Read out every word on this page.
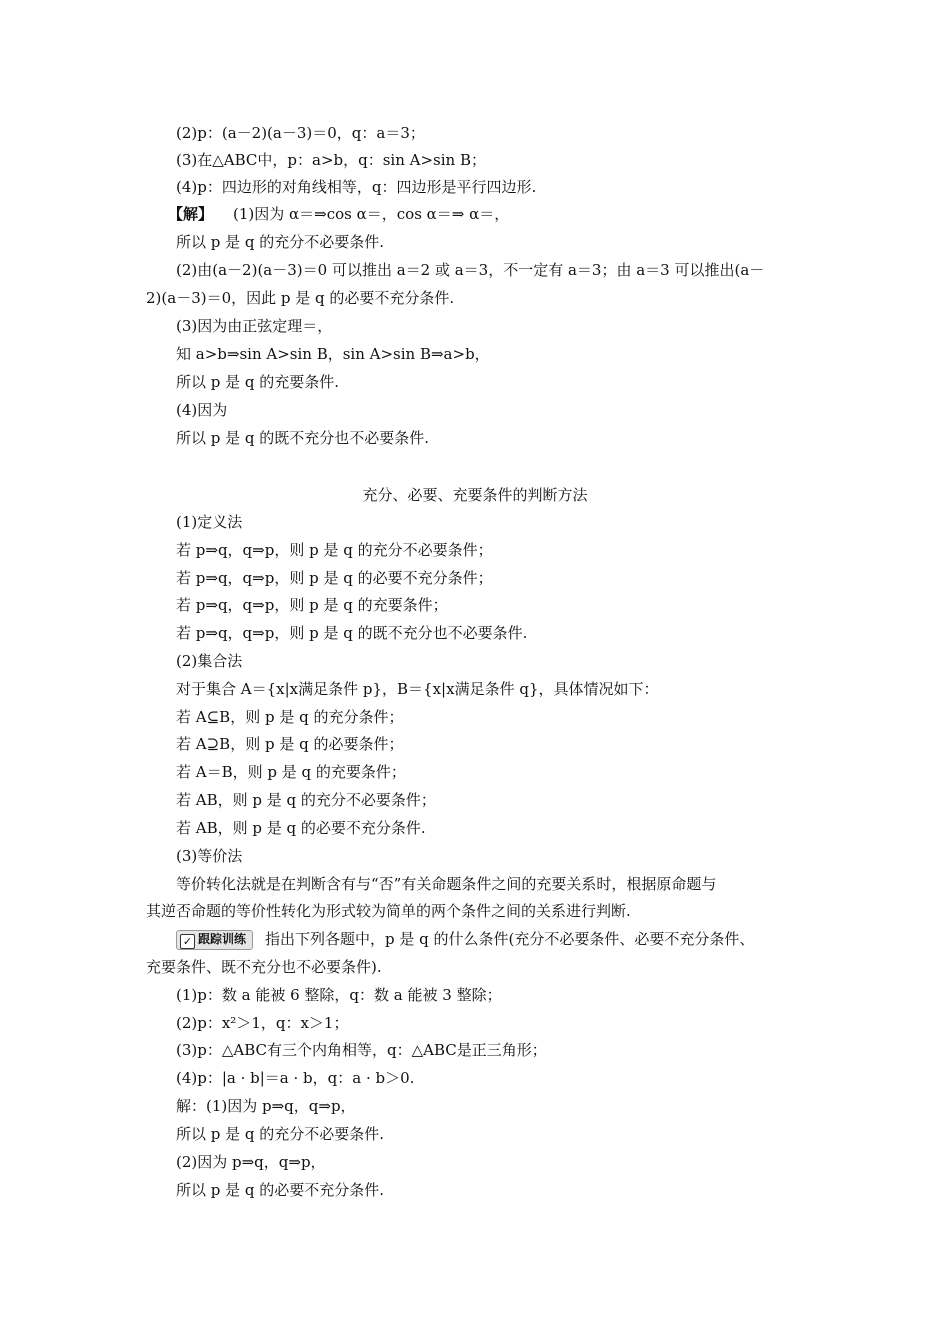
(2)p：(a－2)(a－3)＝0，q：a＝3；
(3)在△ABC中，p：a>b，q：sin A>sin B；
(4)p：四边形的对角线相等，q：四边形是平行四边形.
【解】 (1)因为 α＝⇒cos α＝，cos α＝⇒ α＝，
所以 p 是 q 的充分不必要条件.
(2)由(a－2)(a－3)＝0 可以推出 a＝2 或 a＝3，不一定有 a＝3；由 a＝3 可以推出(a－
2)(a－3)＝0，因此 p 是 q 的必要不充分条件.
(3)因为由正弦定理＝，
知 a>b⇒sin A>sin B，sin A>sin B⇒a>b，
所以 p 是 q 的充要条件.
(4)因为
所以 p 是 q 的既不充分也不必要条件.
充分、必要、充要条件的判断方法
(1)定义法
若 p⇒q，q⇒p，则 p 是 q 的充分不必要条件；
若 p⇒q，q⇒p，则 p 是 q 的必要不充分条件；
若 p⇒q，q⇒p，则 p 是 q 的充要条件；
若 p⇒q，q⇒p，则 p 是 q 的既不充分也不必要条件.
(2)集合法
对于集合 A＝{x|x满足条件 p}，B＝{x|x满足条件 q}，具体情况如下：
若 A⊆B，则 p 是 q 的充分条件；
若 A⊇B，则 p 是 q 的必要条件；
若 A＝B，则 p 是 q 的充要条件；
若 AB，则 p 是 q 的充分不必要条件；
若 AB，则 p 是 q 的必要不充分条件.
(3)等价法
等价转化法就是在判断含有与“否”有关命题条件之间的充要关系时，根据原命题与
其逆否命题的等价性转化为形式较为简单的两个条件之间的关系进行判断.
✓ 跟踪训练 指出下列各题中，p 是 q 的什么条件(充分不必要条件、必要不充分条件、
充要条件、既不充分也不必要条件).
(1)p：数 a 能被 6 整除，q：数 a 能被 3 整除；
(2)p：x²＞1，q：x＞1；
(3)p：△ABC有三个内角相等，q：△ABC是正三角形；
(4)p：|a · b|＝a · b，q：a · b＞0.
解：(1)因为 p⇒q，q⇒p，
所以 p 是 q 的充分不必要条件.
(2)因为 p⇒q，q⇒p，
所以 p 是 q 的必要不充分条件.
